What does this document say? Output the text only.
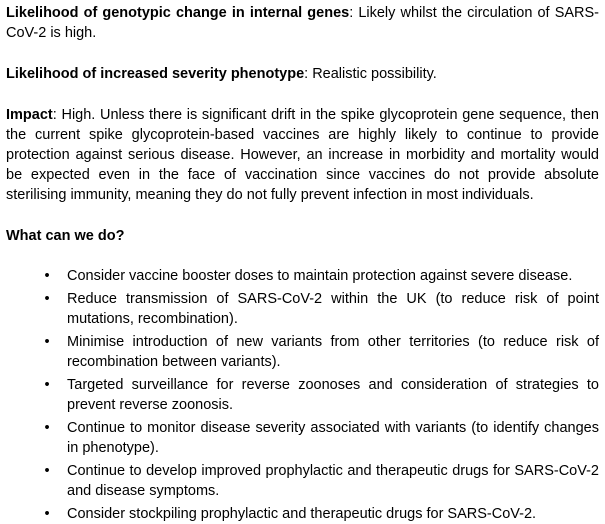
Likelihood of genotypic change in internal genes: Likely whilst the circulation of SARS-CoV-2 is high.

Likelihood of increased severity phenotype: Realistic possibility.

Impact: High. Unless there is significant drift in the spike glycoprotein gene sequence, then the current spike glycoprotein-based vaccines are highly likely to continue to provide protection against serious disease. However, an increase in morbidity and mortality would be expected even in the face of vaccination since vaccines do not provide absolute sterilising immunity, meaning they do not fully prevent infection in most individuals.

What can we do?

• Consider vaccine booster doses to maintain protection against severe disease.
• Reduce transmission of SARS-CoV-2 within the UK (to reduce risk of point mutations, recombination).
• Minimise introduction of new variants from other territories (to reduce risk of recombination between variants).
• Targeted surveillance for reverse zoonoses and consideration of strategies to prevent reverse zoonosis.
• Continue to monitor disease severity associated with variants (to identify changes in phenotype).
• Continue to develop improved prophylactic and therapeutic drugs for SARS-CoV-2 and disease symptoms.
• Consider stockpiling prophylactic and therapeutic drugs for SARS-CoV-2.
